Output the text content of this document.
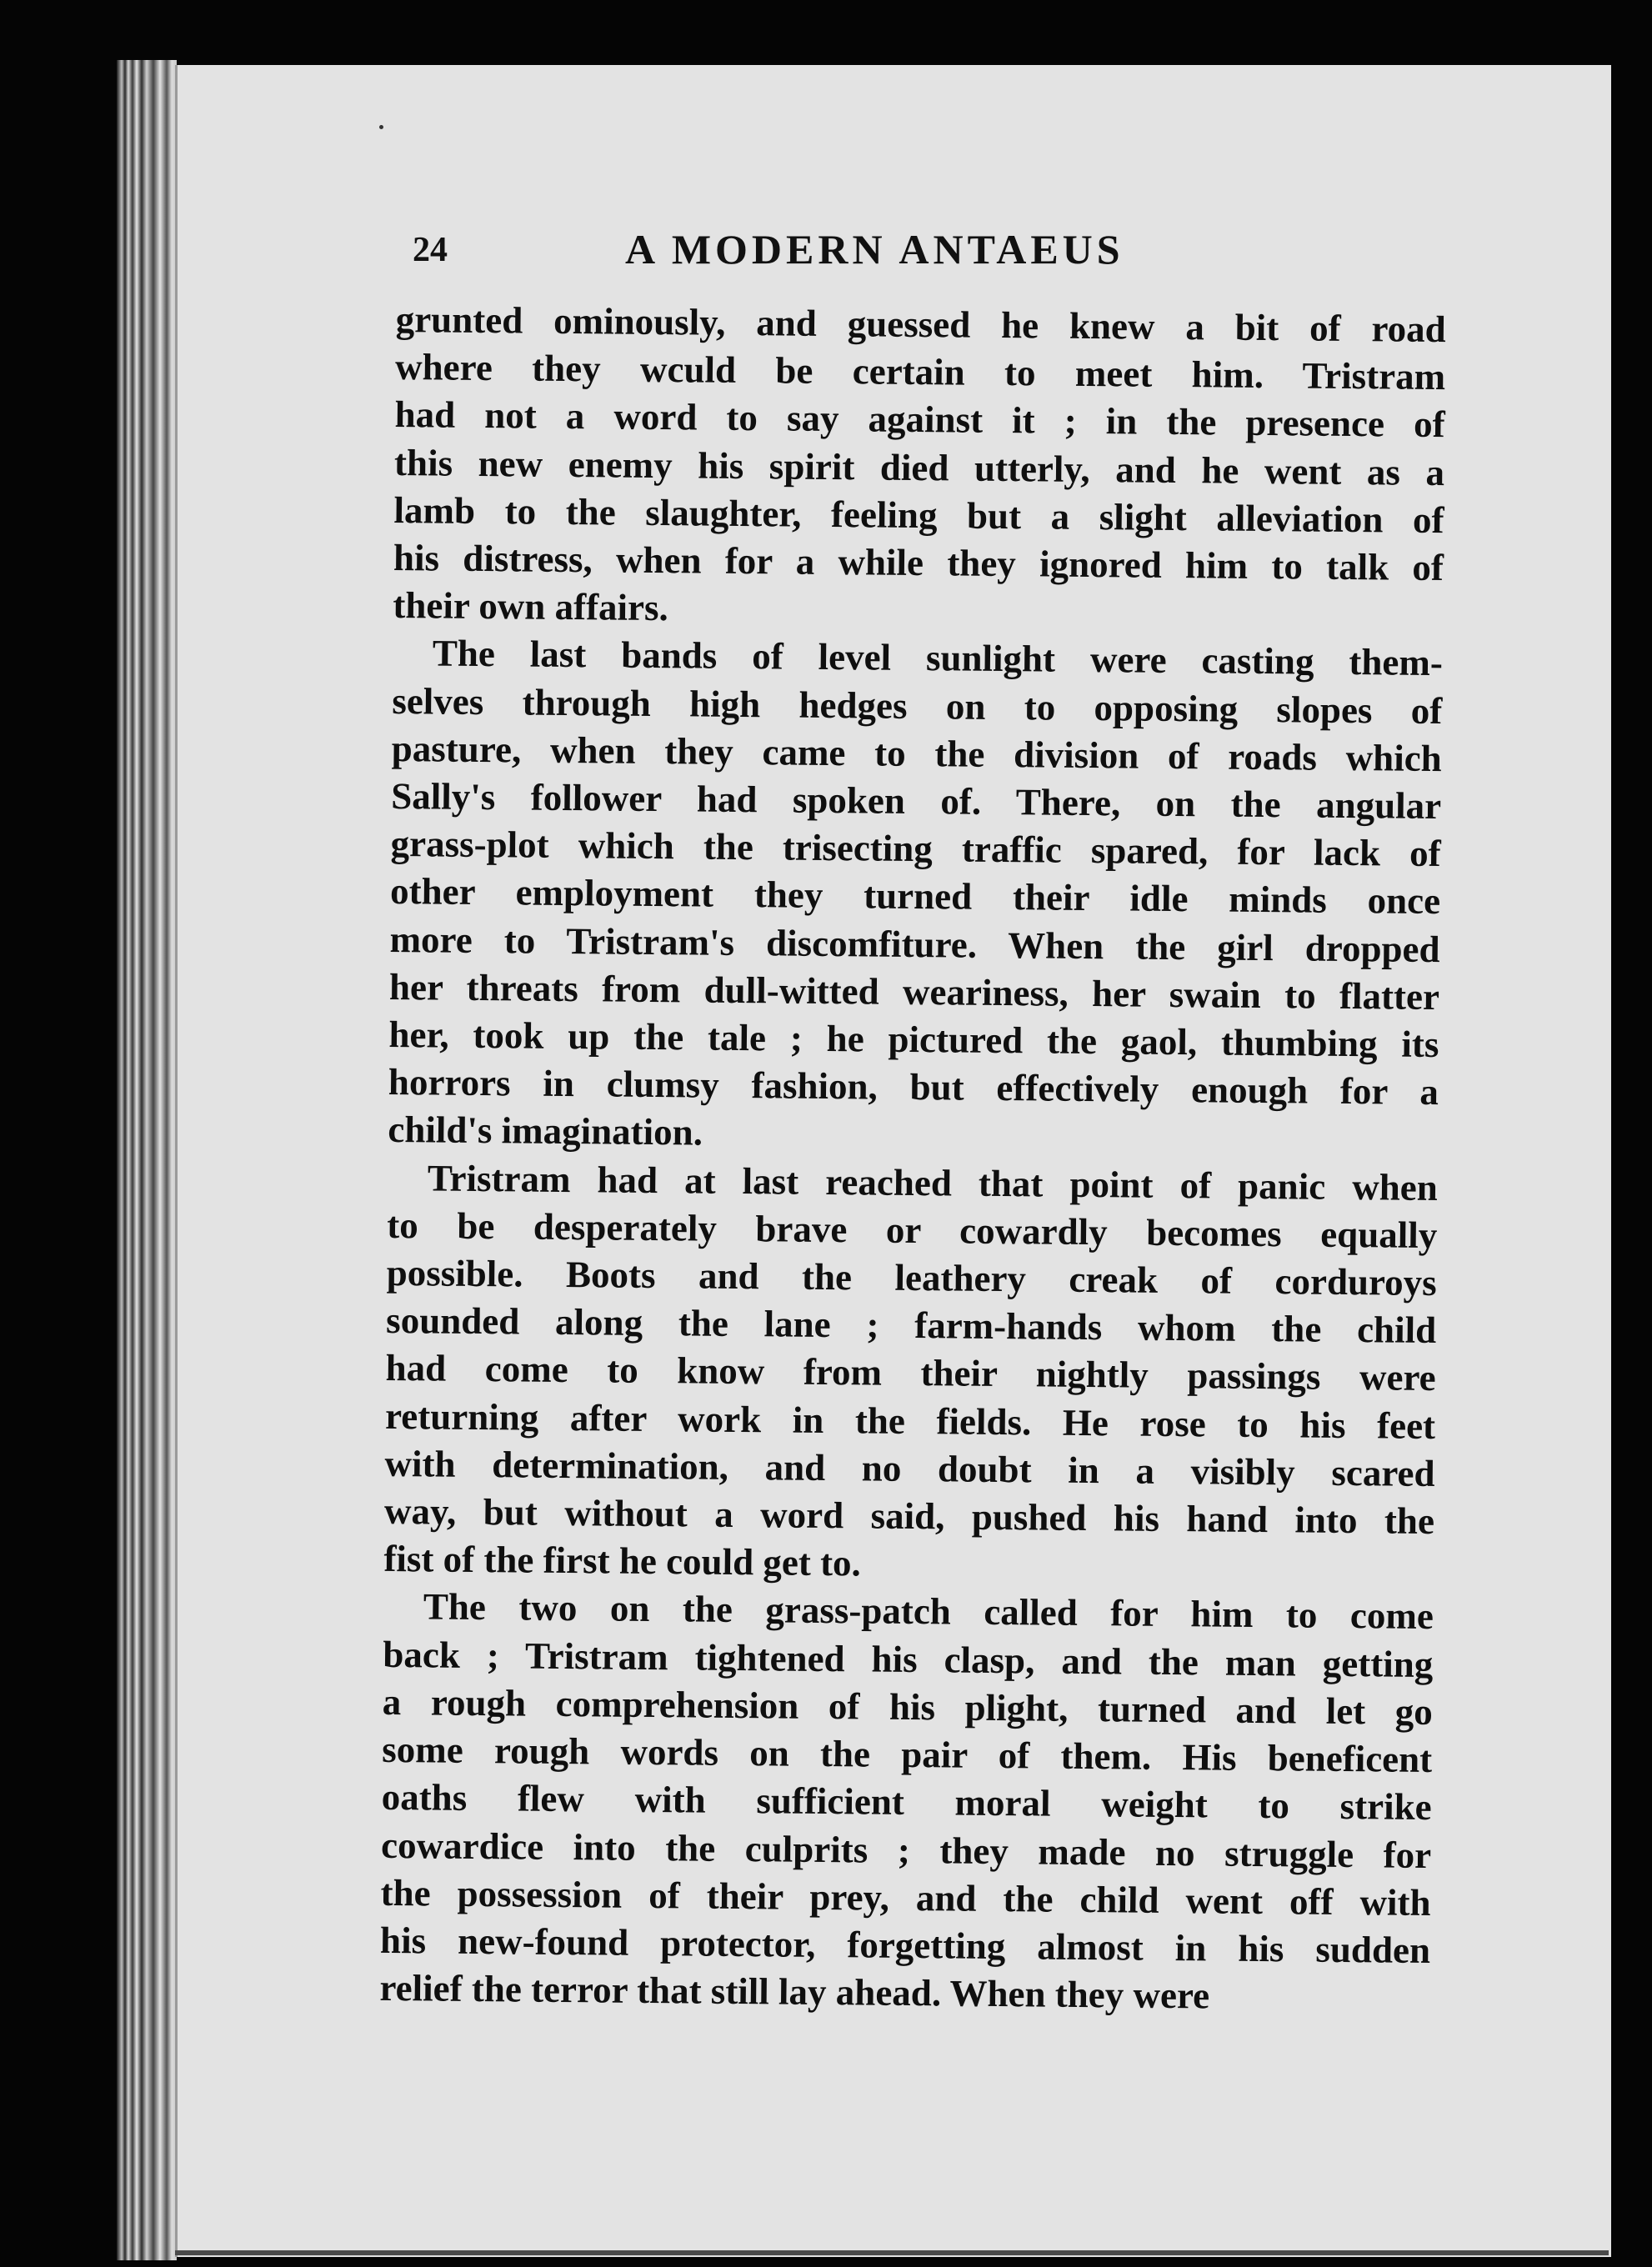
24	A MODERN ANTAEUS

grunted ominously, and guessed he knew a bit of road
where they wculd be certain to meet him. Tristram
had not a word to say against it ; in the presence of
this new enemy his spirit died utterly, and he went as a
lamb to the slaughter, feeling but a slight alleviation of
his distress, when for a while they ignored him to talk of
their own affairs.

The last bands of level sunlight were casting them-
selves through high hedges on to opposing slopes of
pasture, when they came to the division of roads which
Sally's follower had spoken of. There, on the angular
grass-plot which the trisecting traffic spared, for lack of
other employment they turned their idle minds once
more to Tristram's discomfiture. When the girl dropped
her threats from dull-witted weariness, her swain to flatter
her, took up the tale ; he pictured the gaol, thumbing its
horrors in clumsy fashion, but effectively enough for a
child's imagination.

Tristram had at last reached that point of panic when
to be desperately brave or cowardly becomes equally
possible. Boots and the leathery creak of corduroys
sounded along the lane ; farm-hands whom the child
had come to know from their nightly passings were
returning after work in the fields. He rose to his feet
with determination, and no doubt in a visibly scared
way, but without a word said, pushed his hand into the
fist of the first he could get to.

The two on the grass-patch called for him to come
back ; Tristram tightened his clasp, and the man getting
a rough comprehension of his plight, turned and let go
some rough words on the pair of them. His beneficent
oaths flew with sufficient moral weight to strike
cowardice into the culprits ; they made no struggle for
the possession of their prey, and the child went off with
his new-found protector, forgetting almost in his sudden
relief the terror that still lay ahead. When they were
